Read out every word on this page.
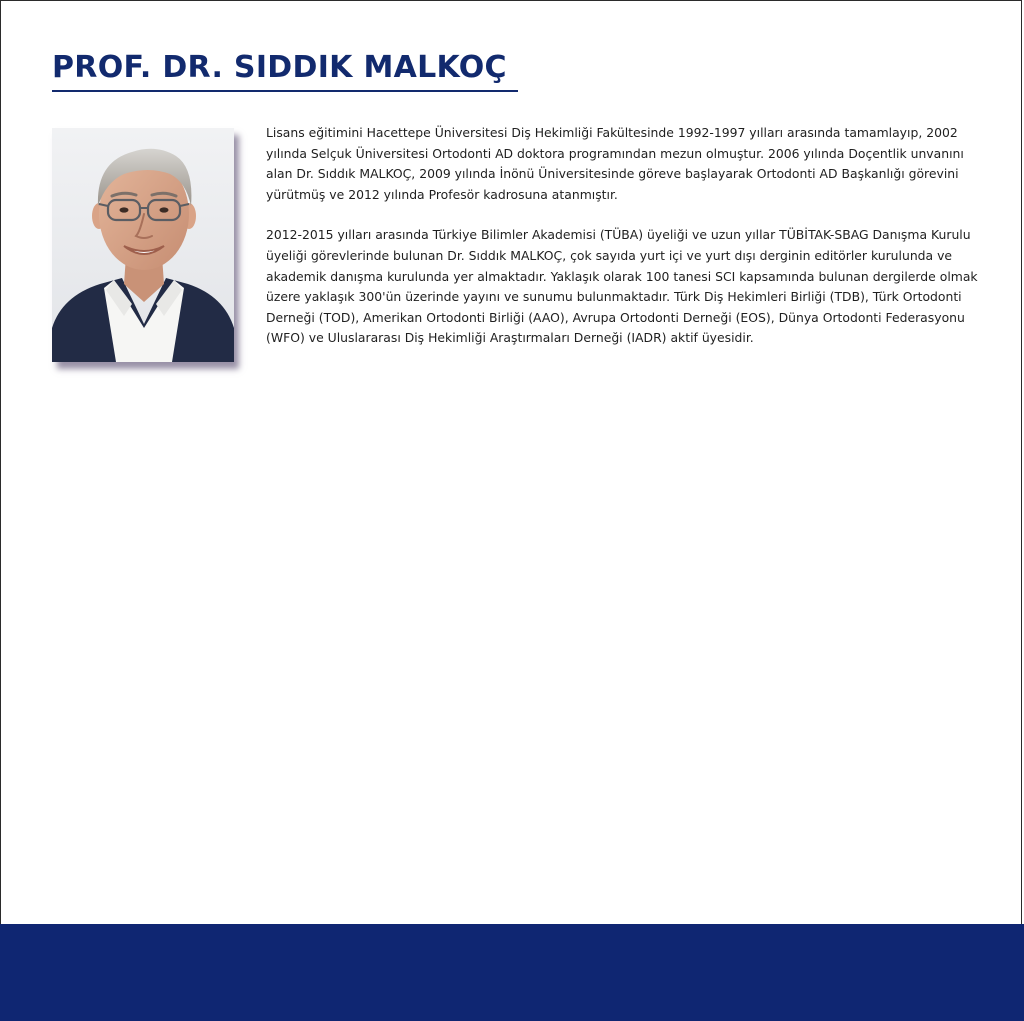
PROF. DR. SIDDIK MALKOÇ

Lisans eğitimini Hacettepe Üniversitesi Diş Hekimliği Fakültesinde 1992-1997 yılları arasında tamamlayıp, 2002 yılında Selçuk Üniversitesi Ortodonti AD doktora programından mezun olmuştur. 2006 yılında Doçentlik unvanını alan Dr. Sıddık MALKOÇ, 2009 yılında İnönü Üniversitesinde göreve başlayarak Ortodonti AD Başkanlığı görevini yürütmüş ve 2012 yılında Profesör kadrosuna atanmıştır.

2012-2015 yılları arasında Türkiye Bilimler Akademisi (TÜBA) üyeliği ve uzun yıllar TÜBİTAK-SBAG Danışma Kurulu üyeliği görevlerinde bulunan Dr. Sıddık MALKOÇ, çok sayıda yurt içi ve yurt dışı derginin editörler kurulunda ve akademik danışma kurulunda yer almaktadır. Yaklaşık olarak 100 tanesi SCI kapsamında bulunan dergilerde olmak üzere yaklaşık 300'ün üzerinde yayını ve sunumu bulunmaktadır. Türk Diş Hekimleri Birliği (TDB), Türk Ortodonti Derneği (TOD), Amerikan Ortodonti Birliği (AAO), Avrupa Ortodonti Derneği (EOS), Dünya Ortodonti Federasyonu (WFO) ve Uluslararası Diş Hekimliği Araştırmaları Derneği (IADR) aktif üyesidir.
